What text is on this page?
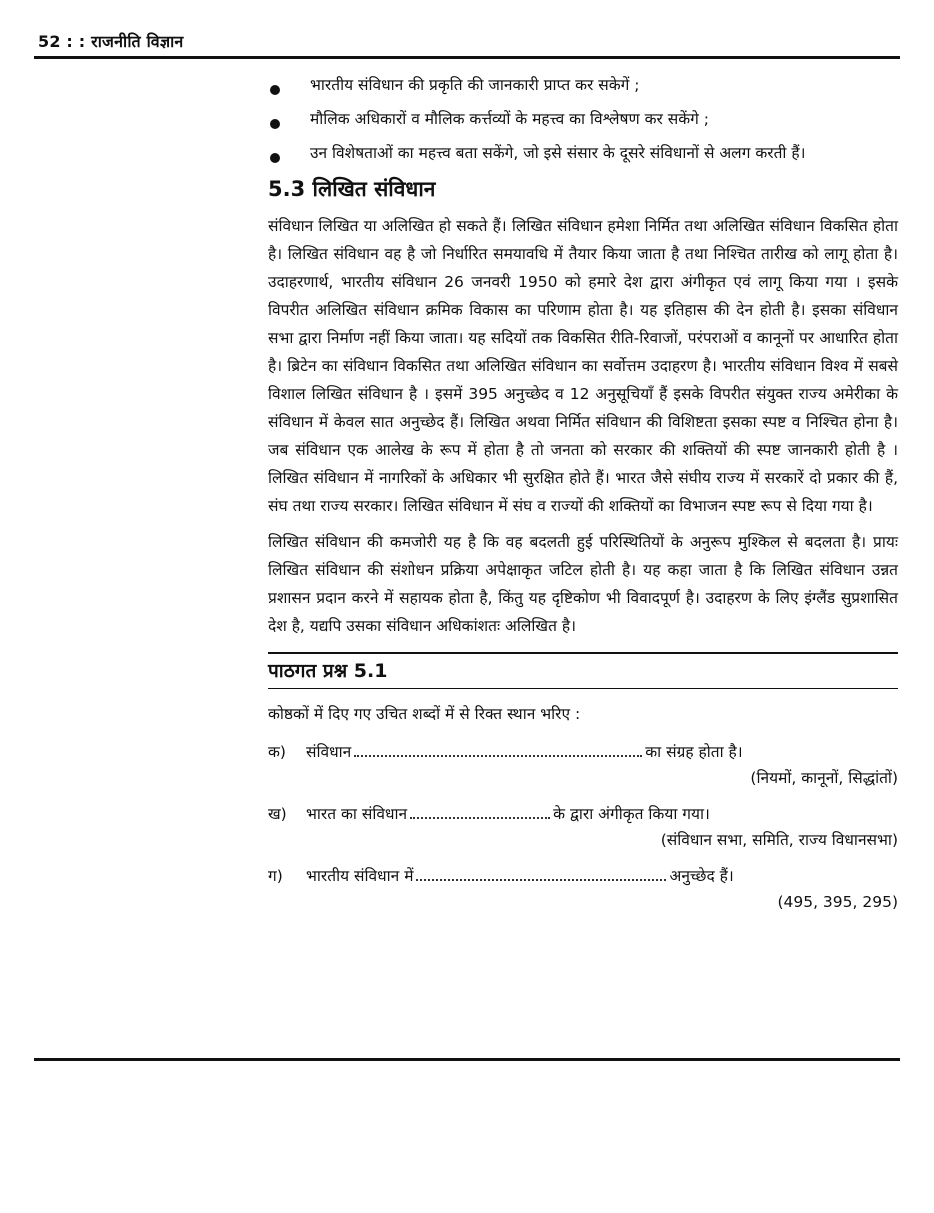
52 : : राजनीति विज्ञान
भारतीय संविधान की प्रकृति की जानकारी प्राप्त कर सकेगें ;
मौलिक अधिकारों व मौलिक कर्त्तव्यों के महत्त्व का विश्लेषण कर सकेंगे ;
उन विशेषताओं का महत्त्व बता सकेंगे, जो इसे संसार के दूसरे संविधानों से अलग करती हैं।
5.3 लिखित संविधान

संविधान लिखित या अलिखित हो सकते हैं। लिखित संविधान हमेशा निर्मित तथा अलिखित संविधान विकसित होता है। लिखित संविधान वह है जो निर्धारित समयावधि में तैयार किया जाता है तथा निश्चित तारीख को लागू होता है। उदाहरणार्थ, भारतीय संविधान 26 जनवरी 1950 को हमारे देश द्वारा अंगीकृत एवं लागू किया गया । इसके विपरीत अलिखित संविधान क्रमिक विकास का परिणाम होता है। यह इतिहास की देन होती है। इसका संविधान सभा द्वारा निर्माण नहीं किया जाता। यह सदियों तक विकसित रीति-रिवाजों, परंपराओं व कानूनों पर आधारित होता है। ब्रिटेन का संविधान विकसित तथा अलिखित संविधान का सर्वोत्तम उदाहरण है। भारतीय संविधान विश्व में सबसे विशाल लिखित संविधान है । इसमें 395 अनुच्छेद व 12 अनुसूचियाँ हैं इसके विपरीत संयुक्त राज्य अमेरीका के संविधान में केवल सात अनुच्छेद हैं। लिखित अथवा निर्मित संविधान की विशिष्टता इसका स्पष्ट व निश्चित होना है। जब संविधान एक आलेख के रूप में होता है तो जनता को सरकार की शक्तियों की स्पष्ट जानकारी होती है । लिखित संविधान में नागरिकों के अधिकार भी सुरक्षित होते हैं। भारत जैसे संघीय राज्य में सरकारें दो प्रकार की हैं, संघ तथा राज्य सरकार। लिखित संविधान में संघ व राज्यों की शक्तियों का विभाजन स्पष्ट रूप से दिया गया है।

लिखित संविधान की कमजोरी यह है कि वह बदलती हुई परिस्थितियों के अनुरूप मुश्किल से बदलता है। प्रायः लिखित संविधान की संशोधन प्रक्रिया अपेक्षाकृत जटिल होती है। यह कहा जाता है कि लिखित संविधान उन्नत प्रशासन प्रदान करने में सहायक होता है, किंतु यह दृष्टिकोण भी विवादपूर्ण है। उदाहरण के लिए इंग्लैंड सुप्रशासित देश है, यद्यपि उसका संविधान अधिकांशतः अलिखित है।

पाठगत प्रश्न 5.1
कोष्ठकों में दिए गए उचित शब्दों में से रिक्त स्थान भरिए :
क) संविधान	का संग्रह होता है।
(नियमों, कानूनों, सिद्धांतों)
ख) भारत का संविधान	के द्वारा अंगीकृत किया गया।
(संविधान सभा, समिति, राज्य विधानसभा)
ग) भारतीय संविधान में	अनुच्छेद हैं।
(495, 395, 295)
